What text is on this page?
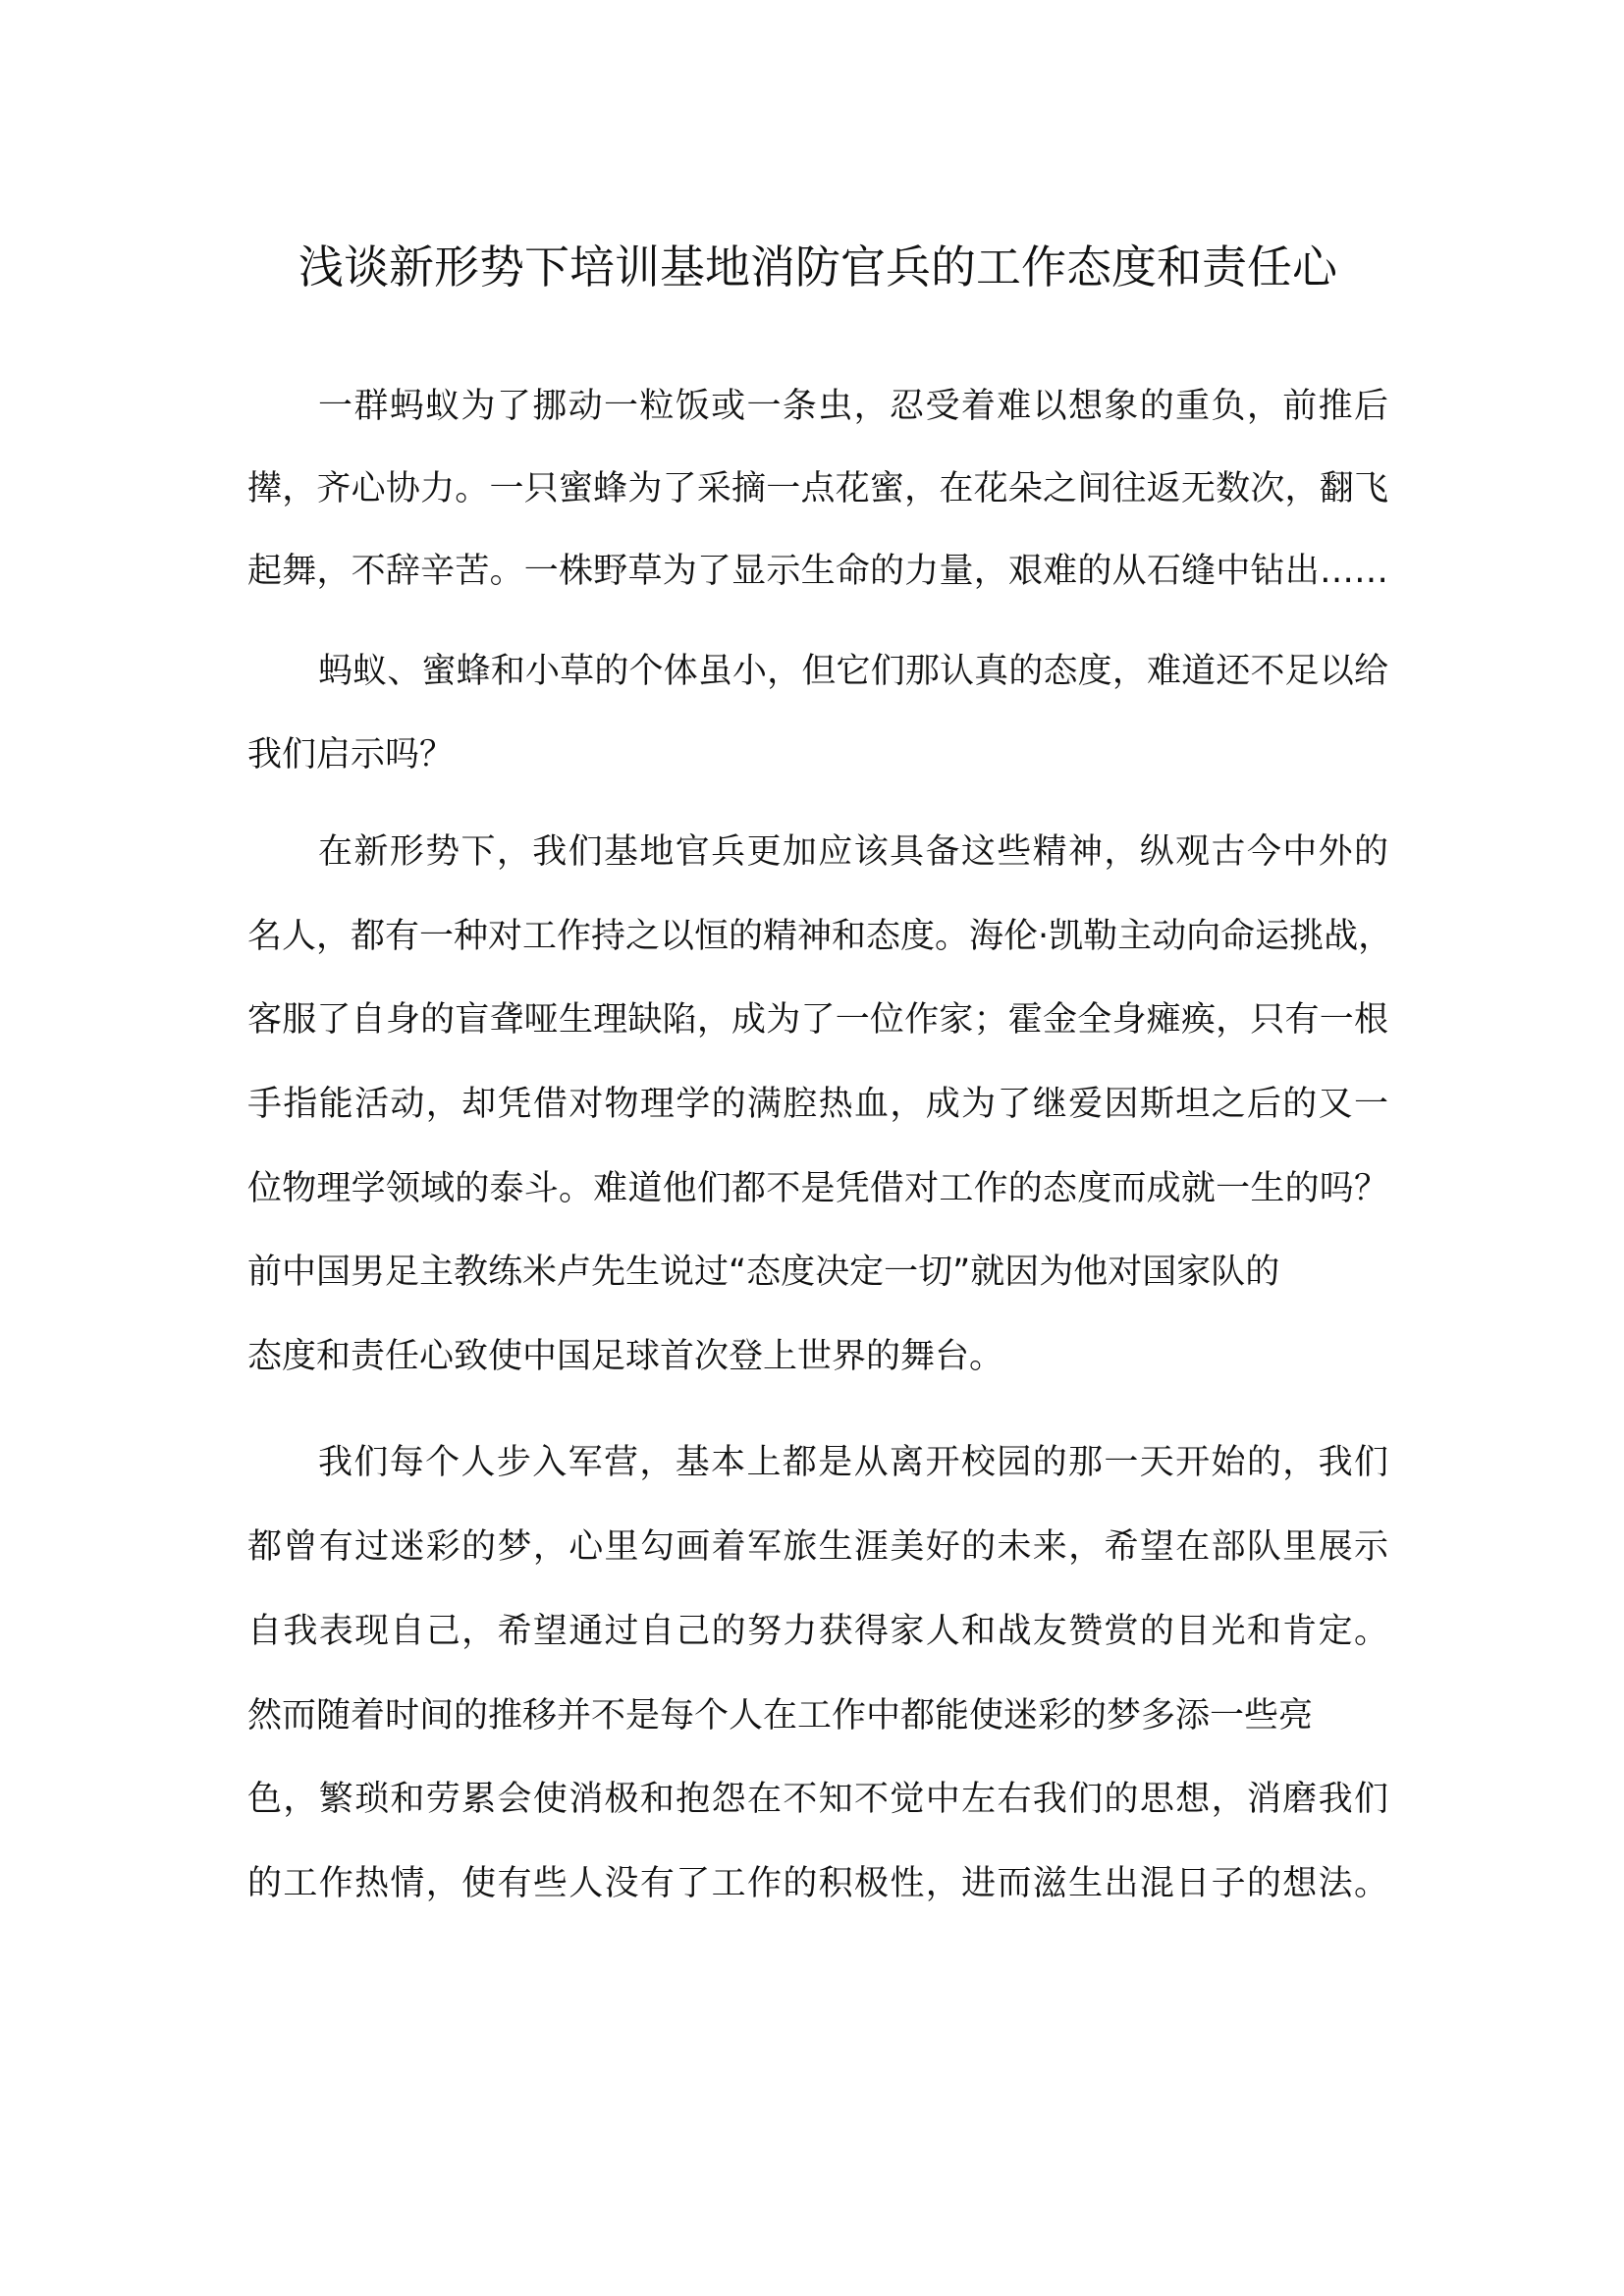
浅谈新形势下培训基地消防官兵的工作态度和责任心
一群蚂蚁为了挪动一粒饭或一条虫，忍受着难以想象的重负，前推后
撵，齐心协力。一只蜜蜂为了采摘一点花蜜，在花朵之间往返无数次，翻飞
起舞，不辞辛苦。一株野草为了显示生命的力量，艰难的从石缝中钻出……
蚂蚁、蜜蜂和小草的个体虽小，但它们那认真的态度，难道还不足以给
我们启示吗？
在新形势下，我们基地官兵更加应该具备这些精神，纵观古今中外的
名人，都有一种对工作持之以恒的精神和态度。海伦·凯勒主动向命运挑战，
客服了自身的盲聋哑生理缺陷，成为了一位作家；霍金全身瘫痪，只有一根
手指能活动，却凭借对物理学的满腔热血，成为了继爱因斯坦之后的又一
位物理学领域的泰斗。难道他们都不是凭借对工作的态度而成就一生的吗？
前中国男足主教练米卢先生说过“态度决定一切”就因为他对国家队的
态度和责任心致使中国足球首次登上世界的舞台。
我们每个人步入军营，基本上都是从离开校园的那一天开始的，我们
都曾有过迷彩的梦，心里勾画着军旅生涯美好的未来，希望在部队里展示
自我表现自己，希望通过自己的努力获得家人和战友赞赏的目光和肯定。
然而随着时间的推移并不是每个人在工作中都能使迷彩的梦多添一些亮
色，繁琐和劳累会使消极和抱怨在不知不觉中左右我们的思想，消磨我们
的工作热情，使有些人没有了工作的积极性，进而滋生出混日子的想法。
